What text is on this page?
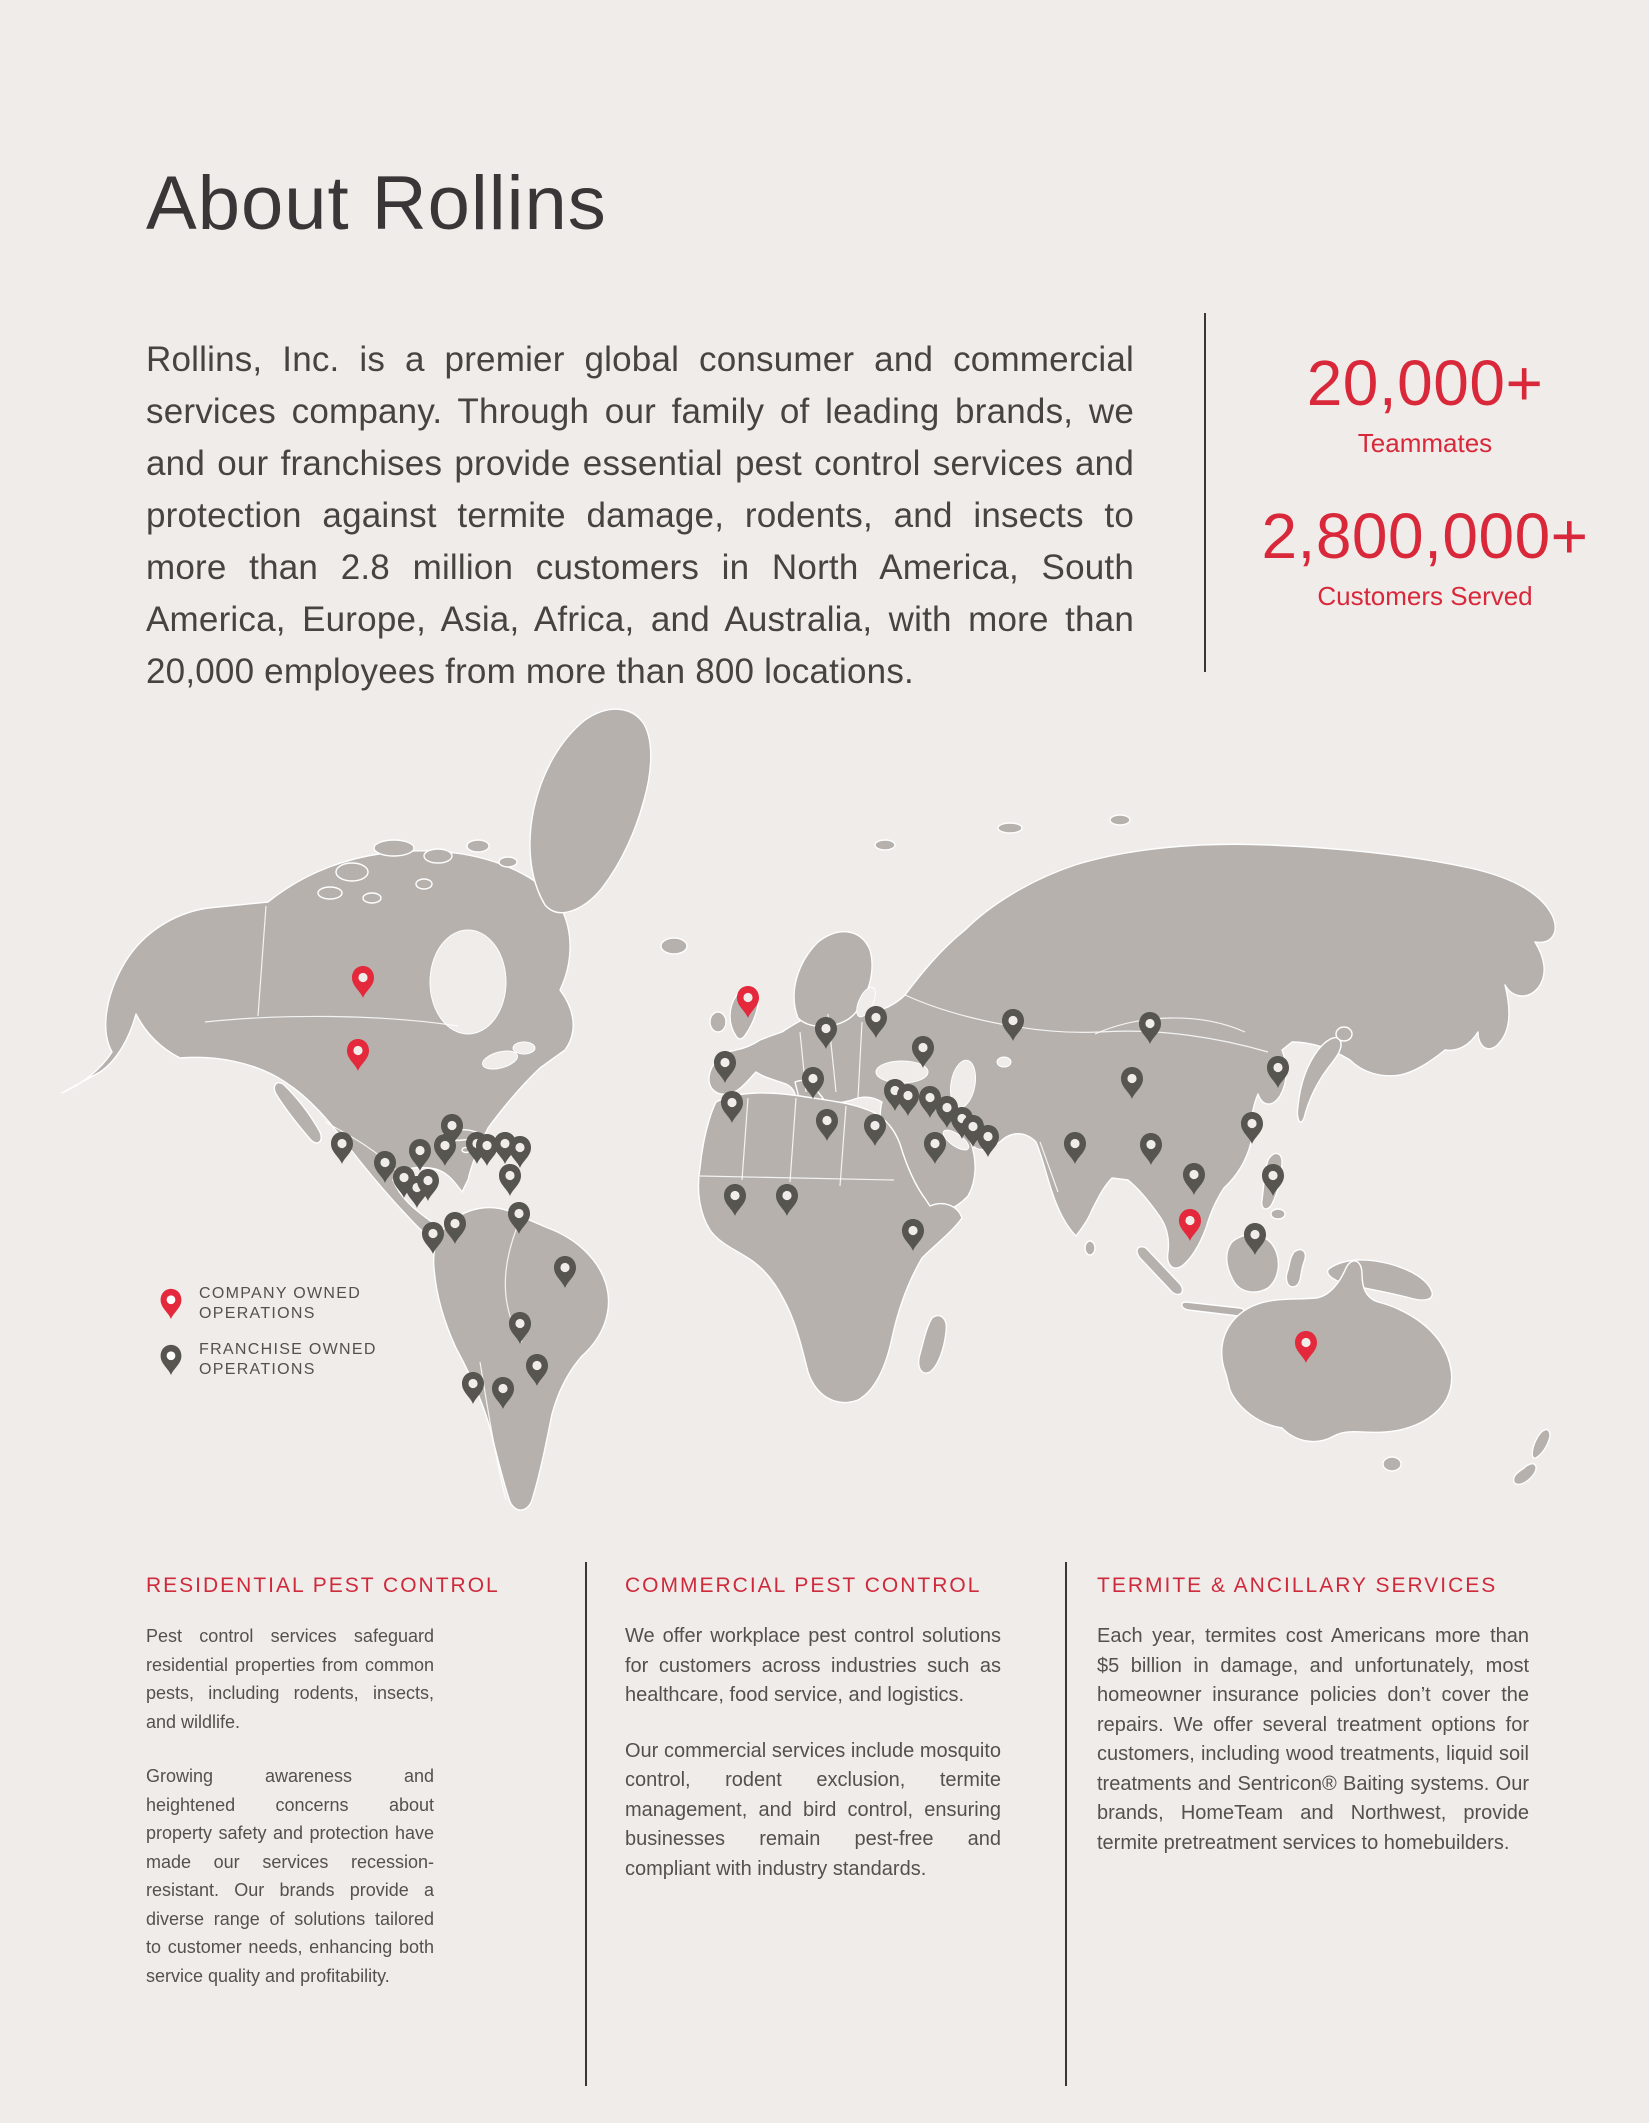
About Rollins

Rollins, Inc. is a premier global consumer and commercial services company. Through our family of leading brands, we and our franchises provide essential pest control services and protection against termite damage, rodents, and insects to more than 2.8 million customers in North America, South America, Europe, Asia, Africa, and Australia, with more than 20,000 employees from more than 800 locations.

20,000+
Teammates
2,800,000+
Customers Served
COMPANY OWNED
OPERATIONS
FRANCHISE OWNED
OPERATIONS
RESIDENTIAL PEST CONTROL

Pest control services safeguard residential properties from common pests, including rodents, insects, and wildlife.

Growing awareness and heightened concerns about property safety and protection have made our services recession-resistant. Our brands provide a diverse range of solutions tailored to customer needs, enhancing both service quality and profitability.

COMMERCIAL PEST CONTROL

We offer workplace pest control solutions for customers across industries such as healthcare, food service, and logistics.

Our commercial services include mosquito control, rodent exclusion, termite management, and bird control, ensuring businesses remain pest-free and compliant with industry standards.

TERMITE & ANCILLARY SERVICES

Each year, termites cost Americans more than $5 billion in damage, and unfortunately, most homeowner insurance policies don’t cover the repairs. We offer several treatment options for customers, including wood treatments, liquid soil treatments and Sentricon® Baiting systems. Our brands, HomeTeam and Northwest, provide termite pretreatment services to homebuilders.
